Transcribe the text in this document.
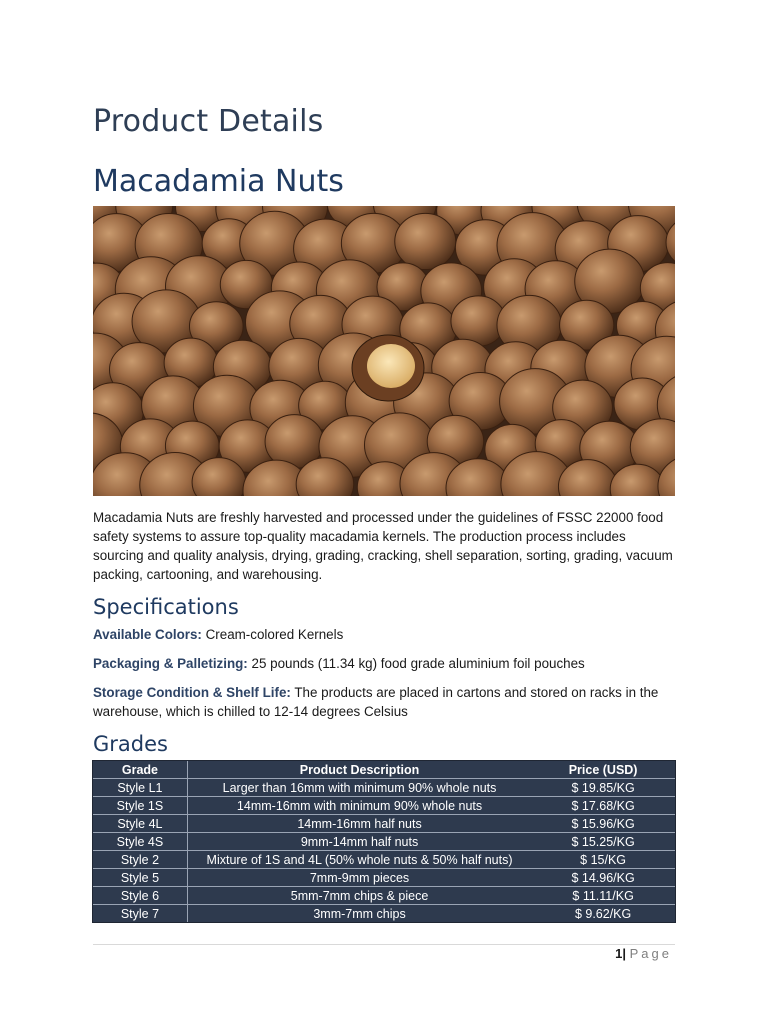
Product Details
Macadamia Nuts

Macadamia Nuts are freshly harvested and processed under the guidelines of FSSC 22000 food safety systems to assure top-quality macadamia kernels. The production process includes sourcing and quality analysis, drying, grading, cracking, shell separation, sorting, grading, vacuum packing, cartooning, and warehousing.

Specifications

Available Colors: Cream-colored Kernels

Packaging & Palletizing: 25 pounds (11.34 kg) food grade aluminium foil pouches

Storage Condition & Shelf Life: The products are placed in cartons and stored on racks in the warehouse, which is chilled to 12-14 degrees Celsius

Grades
Grade	Product Description	Price (USD)
Style L1	Larger than 16mm with minimum 90% whole nuts	$ 19.85/KG
Style 1S	14mm-16mm with minimum 90% whole nuts	$ 17.68/KG
Style 4L	14mm-16mm half nuts	$ 15.96/KG
Style 4S	9mm-14mm half nuts	$ 15.25/KG
Style 2	Mixture of 1S and 4L (50% whole nuts & 50% half nuts)	$ 15/KG
Style 5	7mm-9mm pieces	$ 14.96/KG
Style 6	5mm-7mm chips & piece	$ 11.11/KG
Style 7	3mm-7mm chips	$ 9.62/KG
1| Page
